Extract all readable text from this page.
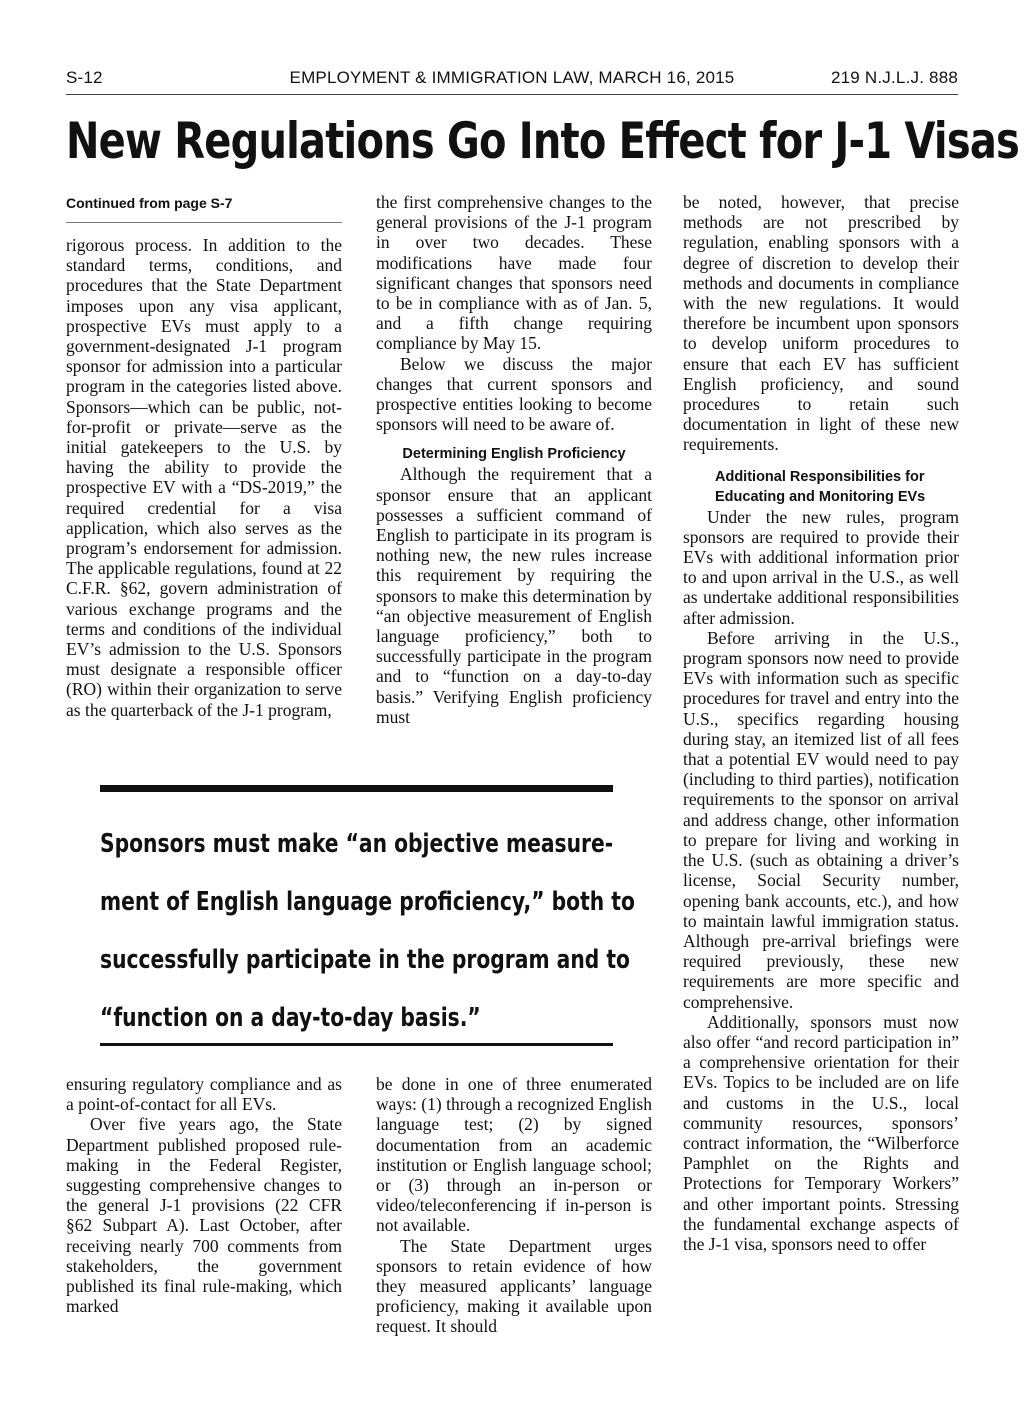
S-12	EMPLOYMENT & IMMIGRATION LAW, MARCH 16, 2015	219 N.J.L.J. 888
New Regulations Go Into Effect for J-1 Visas
Continued from page S-7

rigorous process. In addition to the standard terms, conditions, and procedures that the State Department imposes upon any visa applicant, prospective EVs must apply to a government-designated J-1 program sponsor for admission into a particular program in the categories listed above. Sponsors—which can be public, not-for-profit or private—serve as the initial gatekeepers to the U.S. by having the ability to provide the prospective EV with a “DS-2019,” the required credential for a visa application, which also serves as the program’s endorsement for admission. The applicable regulations, found at 22 C.F.R. §62, govern administration of various exchange programs and the terms and conditions of the individual EV’s admission to the U.S. Sponsors must designate a responsible officer (RO) within their organization to serve as the quarterback of the J-1 program,

the first comprehensive changes to the general provisions of the J-1 program in over two decades. These modifications have made four significant changes that sponsors need to be in compliance with as of Jan. 5, and a fifth change requiring compliance by May 15.

Below we discuss the major changes that current sponsors and prospective entities looking to become sponsors will need to be aware of.

Determining English Proficiency

Although the requirement that a sponsor ensure that an applicant possesses a sufficient command of English to participate in its program is nothing new, the new rules increase this requirement by requiring the sponsors to make this determination by “an objective measurement of English language proficiency,” both to successfully participate in the program and to “function on a day-to-day basis.” Verifying English proficiency must

be noted, however, that precise methods are not prescribed by regulation, enabling sponsors with a degree of discretion to develop their methods and documents in compliance with the new regulations. It would therefore be incumbent upon sponsors to develop uniform procedures to ensure that each EV has sufficient English proficiency, and sound procedures to retain such documentation in light of these new requirements.

Additional Responsibilities for
Educating and Monitoring EVs

Under the new rules, program sponsors are required to provide their EVs with additional information prior to and upon arrival in the U.S., as well as undertake additional responsibilities after admission.

Before arriving in the U.S., program sponsors now need to provide EVs with information such as specific procedures for travel and entry into the U.S., specifics regarding housing during stay, an itemized list of all fees that a potential EV would need to pay (including to third parties), notification requirements to the sponsor on arrival and address change, other information to prepare for living and working in the U.S. (such as obtaining a driver’s license, Social Security number, opening bank accounts, etc.), and how to maintain lawful immigration status. Although pre-arrival briefings were required previously, these new requirements are more specific and comprehensive.

Additionally, sponsors must now also offer “and record participation in” a comprehensive orientation for their EVs. Topics to be included are on life and customs in the U.S., local community resources, sponsors’ contract information, the “Wilberforce Pamphlet on the Rights and Protections for Temporary Workers” and other important points. Stressing the fundamental exchange aspects of the J-1 visa, sponsors need to offer

Sponsors must make “an objective measure-
ment of English language proficiency,” both to
successfully participate in the program and to
“function on a day-to-day basis.”

ensuring regulatory compliance and as a point-of-contact for all EVs.

Over five years ago, the State Department published proposed rule-making in the Federal Register, suggesting comprehensive changes to the general J-1 provisions (22 CFR §62 Subpart A). Last October, after receiving nearly 700 comments from stakeholders, the government published its final rule-making, which marked

be done in one of three enumerated ways: (1) through a recognized English language test; (2) by signed documentation from an academic institution or English language school; or (3) through an in-person or video/teleconferencing if in-person is not available.

The State Department urges sponsors to retain evidence of how they measured applicants’ language proficiency, making it available upon request. It should
